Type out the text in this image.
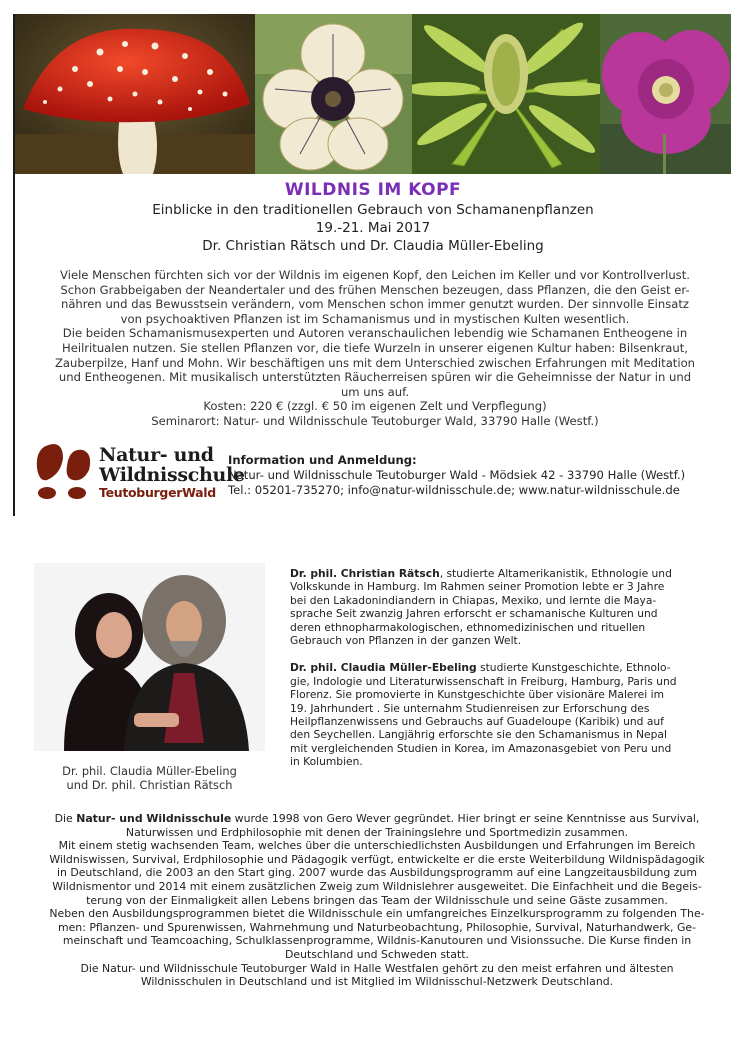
WILDNIS IM KOPF
Einblicke in den traditionellen Gebrauch von Schamanenpflanzen
19.-21. Mai 2017
Dr. Christian Rätsch und Dr. Claudia Müller-Ebeling

Viele Menschen fürchten sich vor der Wildnis im eigenen Kopf, den Leichen im Keller und vor Kontrollverlust.

Schon Grabbeigaben der Neandertaler und des frühen Menschen bezeugen, dass Pflanzen, die den Geist er-

nähren und das Bewusstsein verändern, vom Menschen schon immer genutzt wurden. Der sinnvolle Einsatz

von psychoaktiven Pflanzen ist im Schamanismus und in mystischen Kulten wesentlich.

Die beiden Schamanismusexperten und Autoren veranschaulichen lebendig wie Schamanen Entheogene in

Heilritualen nutzen. Sie stellen Pflanzen vor, die tiefe Wurzeln in unserer eigenen Kultur haben: Bilsenkraut,

Zauberpilze, Hanf und Mohn. Wir beschäftigen uns mit dem Unterschied zwischen Erfahrungen mit Meditation

und Entheogenen. Mit musikalisch unterstützten Räucherreisen spüren wir die Geheimnisse der Natur in und

um uns auf.

Kosten: 220 € (zzgl. € 50 im eigenen Zelt und Verpflegung)

Seminarort: Natur- und Wildnisschule Teutoburger Wald, 33790 Halle (Westf.)

Natur- und
Wildnisschule
TeutoburgerWald
Information und Anmeldung:
Natur- und Wildnisschule Teutoburger Wald - Mödsiek 42 - 33790 Halle (Westf.)
Tel.: 05201-735270; info@natur-wildnisschule.de; www.natur-wildnisschule.de
Dr. phil. Claudia Müller-Ebeling
und Dr. phil. Christian Rätsch

Dr. phil. Christian Rätsch, studierte Altamerikanistik, Ethnologie und
Volkskunde in Hamburg. Im Rahmen seiner Promotion lebte er 3 Jahre
bei den Lakadonindiandern in Chiapas, Mexiko, und lernte die Maya-
sprache Seit zwanzig Jahren erforscht er schamanische Kulturen und
deren ethnopharmakologischen, ethnomedizinischen und rituellen
Gebrauch von Pflanzen in der ganzen Welt.

Dr. phil. Claudia Müller-Ebeling studierte Kunstgeschichte, Ethnolo-
gie, Indologie und Literaturwissenschaft in Freiburg, Hamburg, Paris und
Florenz. Sie promovierte in Kunstgeschichte über visionäre Malerei im
19. Jahrhundert . Sie unternahm Studienreisen zur Erforschung des
Heilpflanzenwissens und Gebrauchs auf Guadeloupe (Karibik) und auf
den Seychellen. Langjährig erforschte sie den Schamanismus in Nepal
mit vergleichenden Studien in Korea, im Amazonasgebiet von Peru und
in Kolumbien.

Die Natur- und Wildnisschule wurde 1998 von Gero Wever gegründet. Hier bringt er seine Kenntnisse aus Survival,

Naturwissen und Erdphilosophie mit denen der Trainingslehre und Sportmedizin zusammen.

Mit einem stetig wachsenden Team, welches über die unterschiedlichsten Ausbildungen und Erfahrungen im Bereich

Wildniswissen, Survival, Erdphilosophie und Pädagogik verfügt, entwickelte er die erste Weiterbildung Wildnispädagogik

in Deutschland, die 2003 an den Start ging. 2007 wurde das Ausbildungsprogramm auf eine Langzeitausbildung zum

Wildnismentor und 2014 mit einem zusätzlichen Zweig zum Wildnislehrer ausgeweitet. Die Einfachheit und die Begeis-

terung von der Einmaligkeit allen Lebens bringen das Team der Wildnisschule und seine Gäste zusammen.

Neben den Ausbildungsprogrammen bietet die Wildnisschule ein umfangreiches Einzelkursprogramm zu folgenden The-

men: Pflanzen- und Spurenwissen, Wahrnehmung und Naturbeobachtung, Philosophie, Survival, Naturhandwerk, Ge-

meinschaft und Teamcoaching, Schulklassenprogramme, Wildnis-Kanutouren und Visionssuche. Die Kurse finden in

Deutschland und Schweden statt.

Die Natur- und Wildnisschule Teutoburger Wald in Halle Westfalen gehört zu den meist erfahren und ältesten

Wildnisschulen in Deutschland und ist Mitglied im Wildnisschul-Netzwerk Deutschland.
